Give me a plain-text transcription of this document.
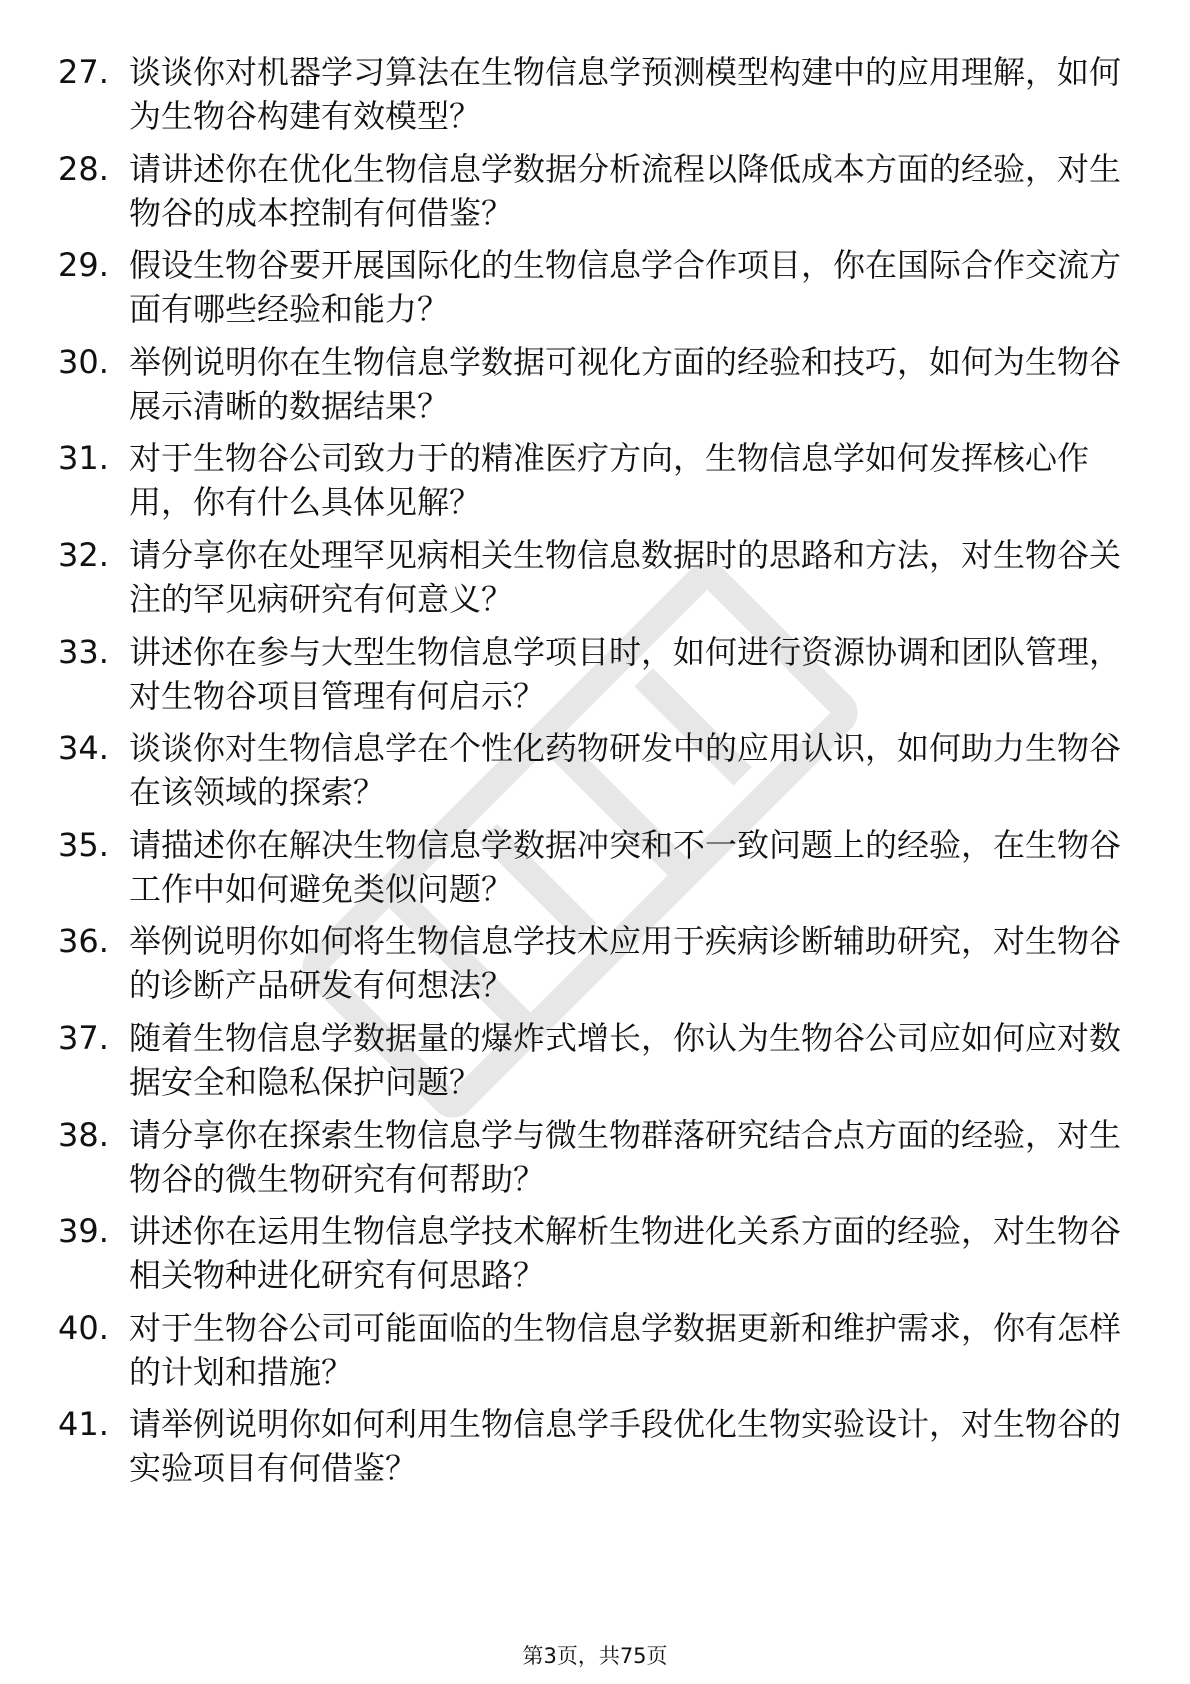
27. 谈谈你对机器学习算法在生物信息学预测模型构建中的应用理解，如何为生物谷构建有效模型？
28. 请讲述你在优化生物信息学数据分析流程以降低成本方面的经验，对生物谷的成本控制有何借鉴？
29. 假设生物谷要开展国际化的生物信息学合作项目，你在国际合作交流方面有哪些经验和能力？
30. 举例说明你在生物信息学数据可视化方面的经验和技巧，如何为生物谷展示清晰的数据结果？
31. 对于生物谷公司致力于的精准医疗方向，生物信息学如何发挥核心作用，你有什么具体见解？
32. 请分享你在处理罕见病相关生物信息数据时的思路和方法，对生物谷关注的罕见病研究有何意义？
33. 讲述你在参与大型生物信息学项目时，如何进行资源协调和团队管理，对生物谷项目管理有何启示？
34. 谈谈你对生物信息学在个性化药物研发中的应用认识，如何助力生物谷在该领域的探索？
35. 请描述你在解决生物信息学数据冲突和不一致问题上的经验，在生物谷工作中如何避免类似问题？
36. 举例说明你如何将生物信息学技术应用于疾病诊断辅助研究，对生物谷的诊断产品研发有何想法？
37. 随着生物信息学数据量的爆炸式增长，你认为生物谷公司应如何应对数据安全和隐私保护问题？
38. 请分享你在探索生物信息学与微生物群落研究结合点方面的经验，对生物谷的微生物研究有何帮助？
39. 讲述你在运用生物信息学技术解析生物进化关系方面的经验，对生物谷相关物种进化研究有何思路？
40. 对于生物谷公司可能面临的生物信息学数据更新和维护需求，你有怎样的计划和措施？
41. 请举例说明你如何利用生物信息学手段优化生物实验设计，对生物谷的实验项目有何借鉴？
第3页，共75页
